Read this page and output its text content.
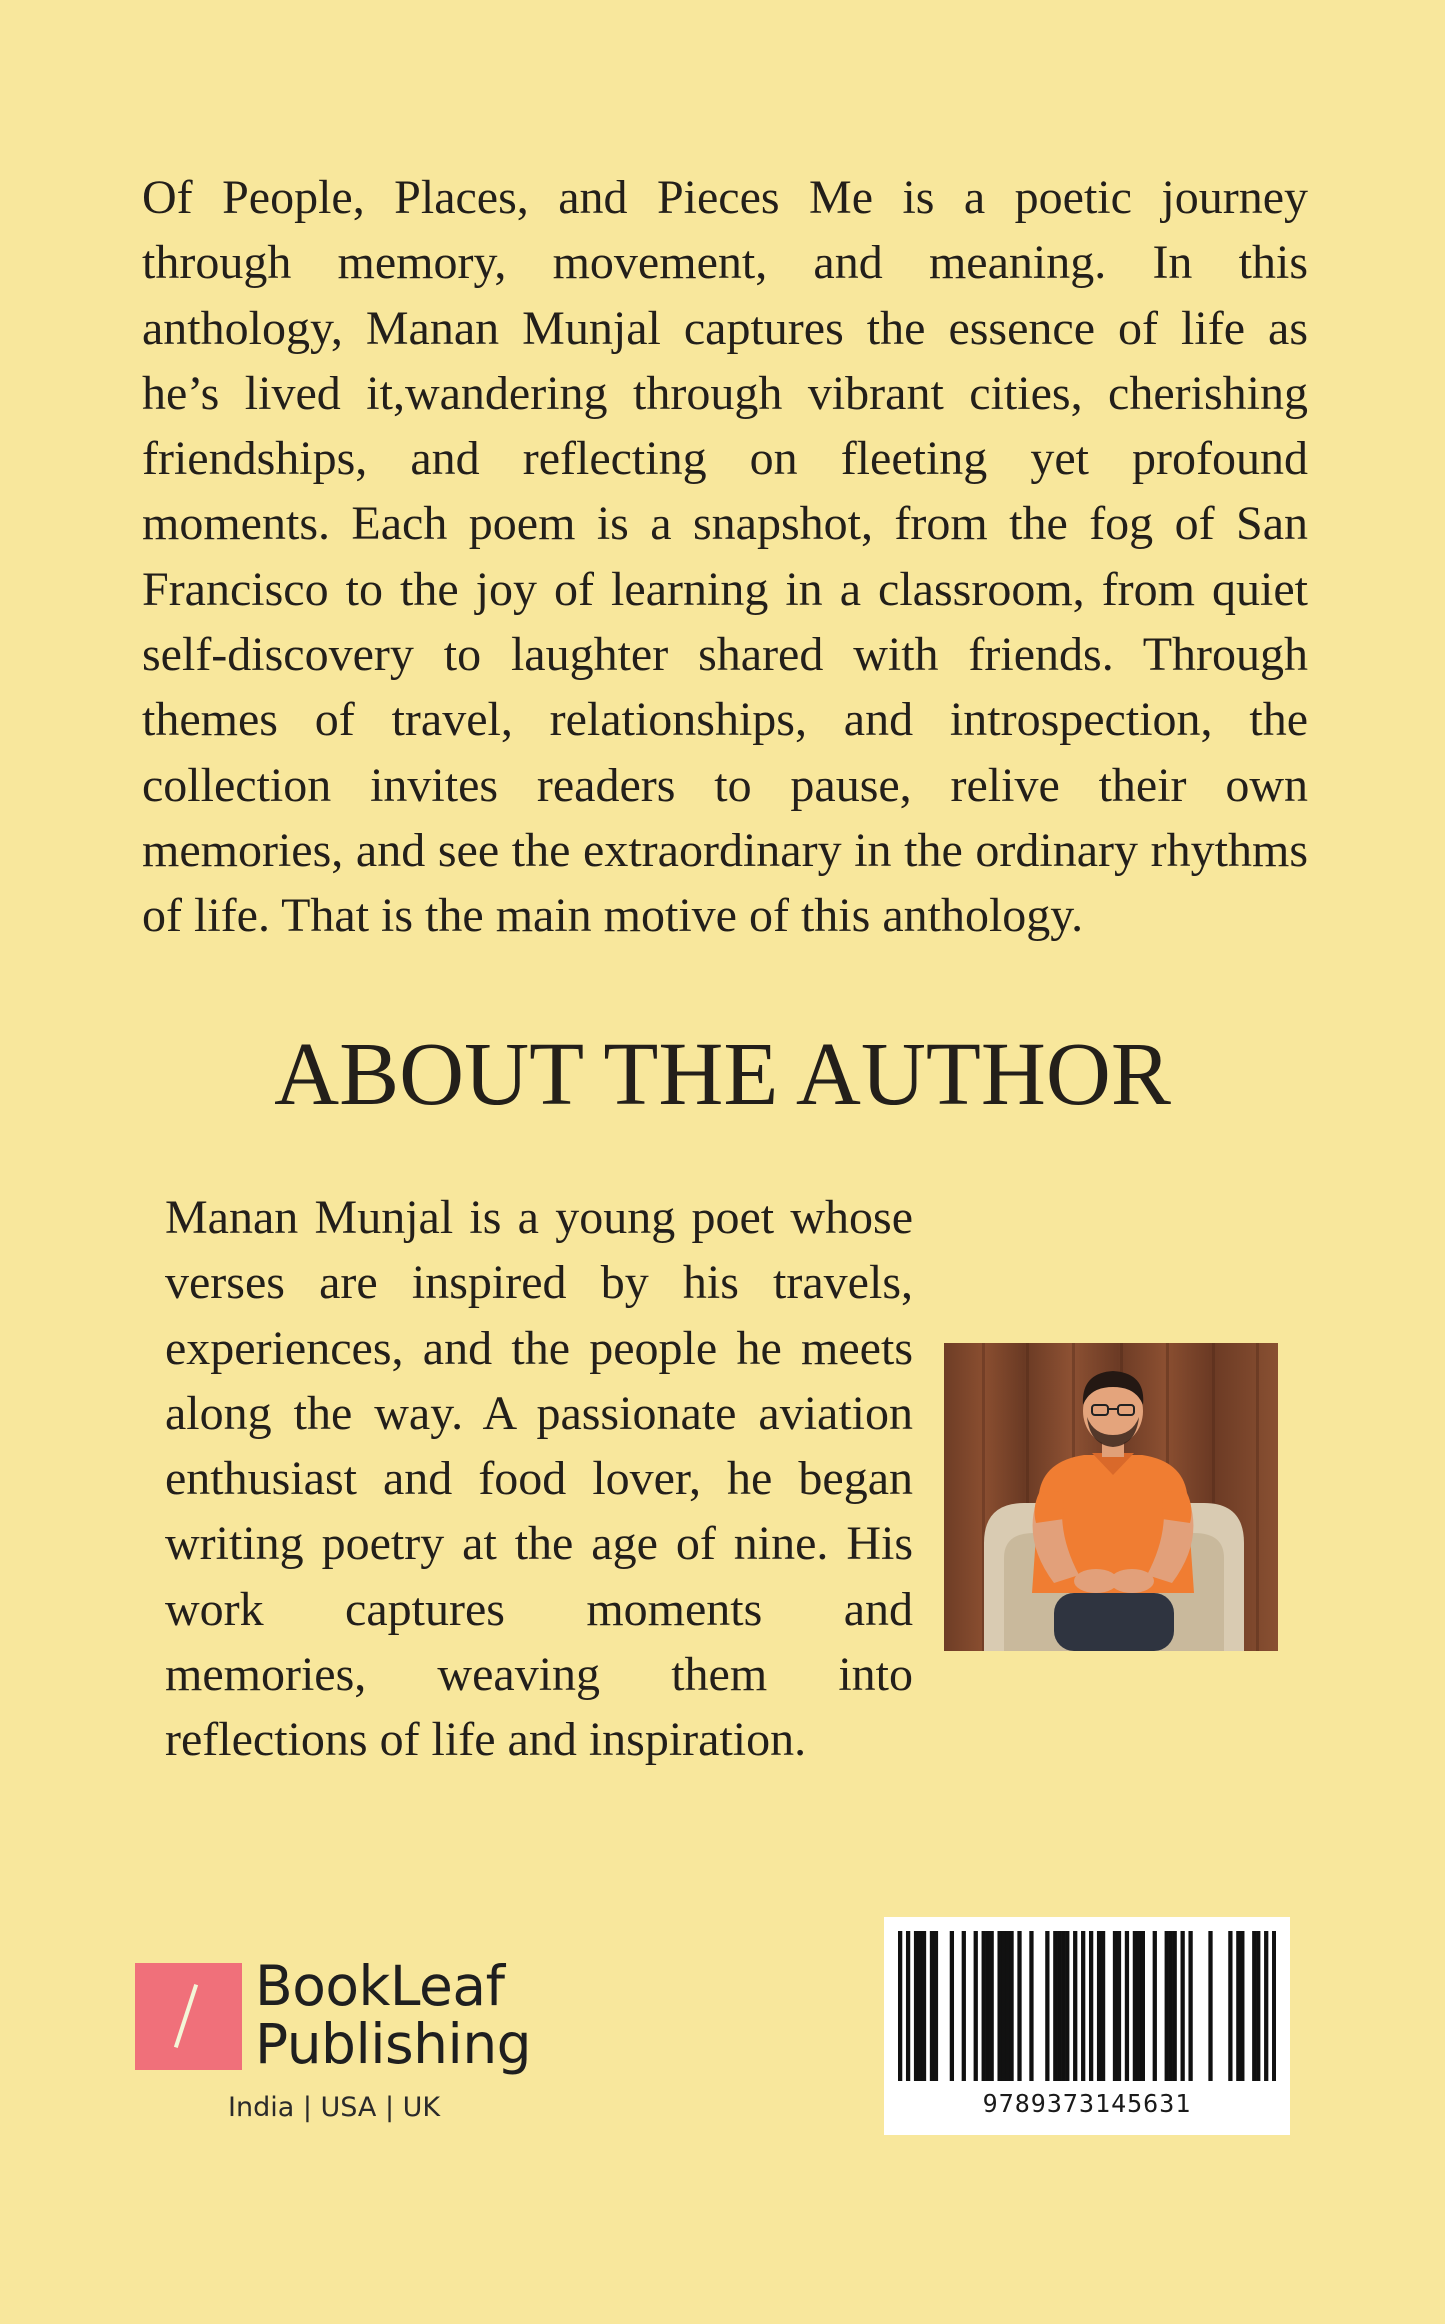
Of People, Places, and Pieces Me is a poetic journey through memory, movement, and meaning. In this anthology, Manan Munjal captures the essence of life as he’s lived it,wandering through vibrant cities, cherishing friendships, and reflecting on fleeting yet profound moments. Each poem is a snapshot, from the fog of San Francisco to the joy of learning in a classroom, from quiet self-discovery to laughter shared with friends. Through themes of travel, relationships, and introspection, the collection invites readers to pause, relive their own memories, and see the extraordinary in the ordinary rhythms of life. That is the main motive of this anthology.

ABOUT THE AUTHOR

Manan Munjal is a young poet whose verses are inspired by his travels, experiences, and the people he meets along the way. A passionate aviation enthusiast and food lover, he began writing poetry at the age of nine. His work captures moments and memories, weaving them into reflections of life and inspiration.

BookLeaf
Publishing
India | USA | UK	9789373145631
